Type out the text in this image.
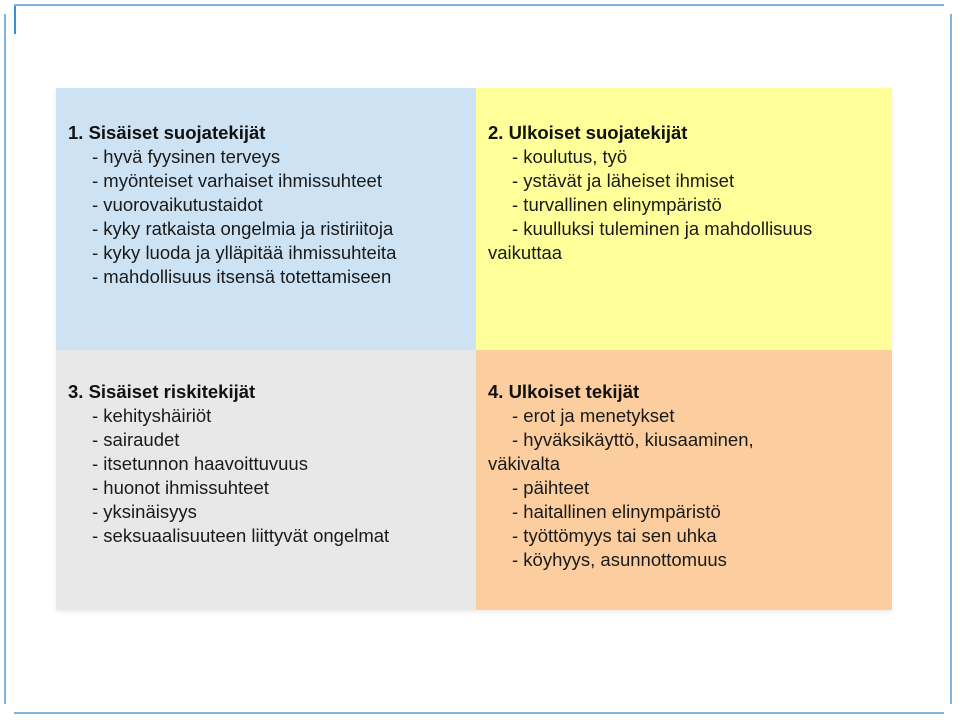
1. Sisäiset suojatekijät
- hyvä fyysinen terveys
- myönteiset varhaiset ihmissuhteet
- vuorovaikutustaidot
- kyky ratkaista ongelmia ja ristiriitoja
- kyky luoda ja ylläpitää ihmissuhteita
- mahdollisuus itsensä totettamiseen
2. Ulkoiset suojatekijät
- koulutus, työ
- ystävät ja läheiset ihmiset
- turvallinen elinympäristö
- kuulluksi tuleminen ja mahdollisuus vaikuttaa
3. Sisäiset riskitekijät
- kehityshäiriöt
- sairaudet
- itsetunnon haavoittuvuus
- huonot ihmissuhteet
- yksinäisyys
- seksuaalisuuteen liittyvät ongelmat
4. Ulkoiset tekijät
- erot ja menetykset
- hyväksikäyttö, kiusaaminen, väkivalta
- päihteet
- haitallinen elinympäristö
- työttömyys tai sen uhka
- köyhyys, asunnottomuus
